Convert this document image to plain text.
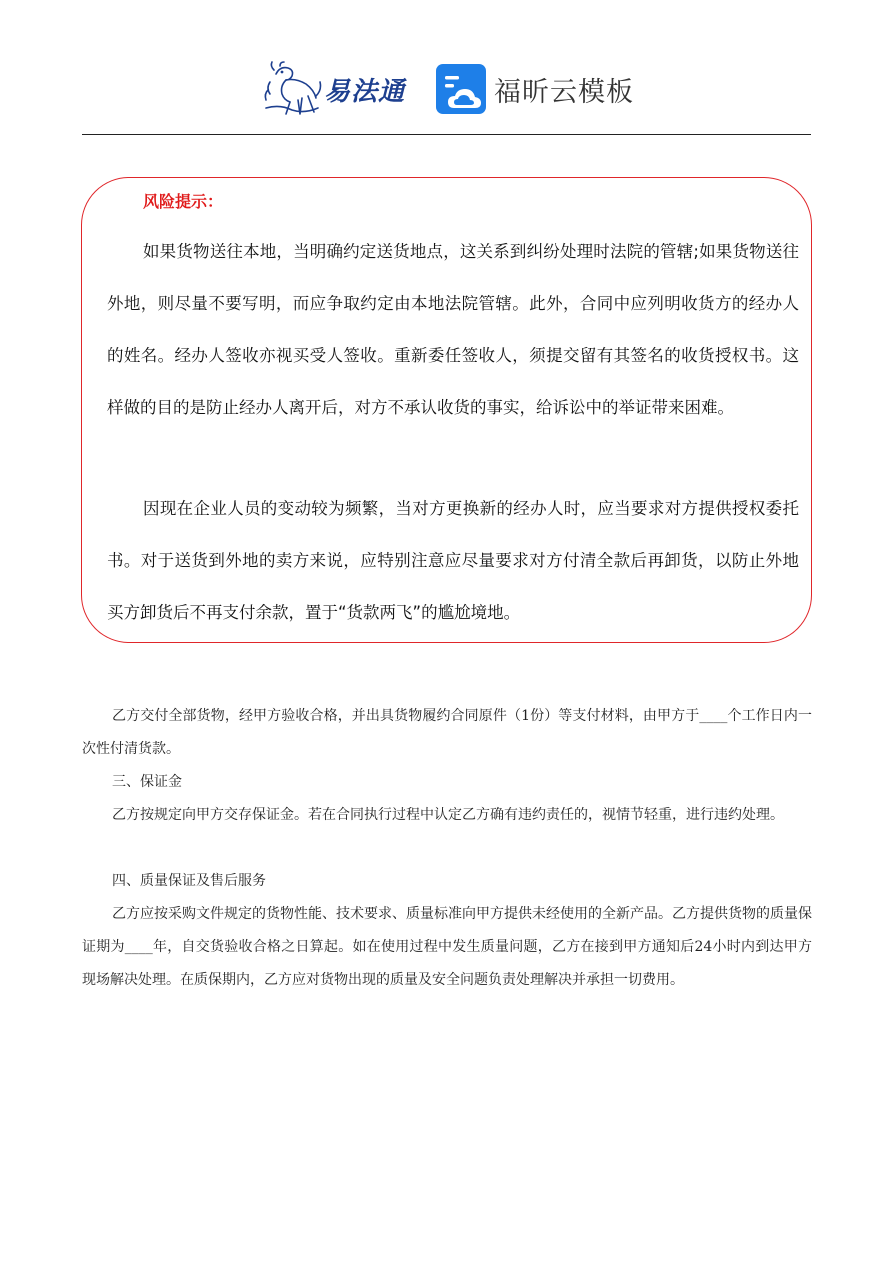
易法通	福昕云模板
风险提示：

如果货物送往本地，当明确约定送货地点，这关系到纠纷处理时法院的管辖;如果货物送往外地，则尽量不要写明，而应争取约定由本地法院管辖。此外，合同中应列明收货方的经办人的姓名。经办人签收亦视买受人签收。重新委任签收人，须提交留有其签名的收货授权书。这样做的目的是防止经办人离开后，对方不承认收货的事实，给诉讼中的举证带来困难。

因现在企业人员的变动较为频繁，当对方更换新的经办人时，应当要求对方提供授权委托书。对于送货到外地的卖方来说，应特别注意应尽量要求对方付清全款后再卸货，以防止外地买方卸货后不再支付余款，置于“货款两飞”的尴尬境地。

乙方交付全部货物，经甲方验收合格，并出具货物履约合同原件（1份）等支付材料，由甲方于____个工作日内一次性付清货款。

三、保证金

乙方按规定向甲方交存保证金。若在合同执行过程中认定乙方确有违约责任的，视情节轻重，进行违约处理。

四、质量保证及售后服务

乙方应按采购文件规定的货物性能、技术要求、质量标准向甲方提供未经使用的全新产品。乙方提供货物的质量保证期为____年，自交货验收合格之日算起。如在使用过程中发生质量问题，乙方在接到甲方通知后24小时内到达甲方现场解决处理。在质保期内，乙方应对货物出现的质量及安全问题负责处理解决并承担一切费用。
